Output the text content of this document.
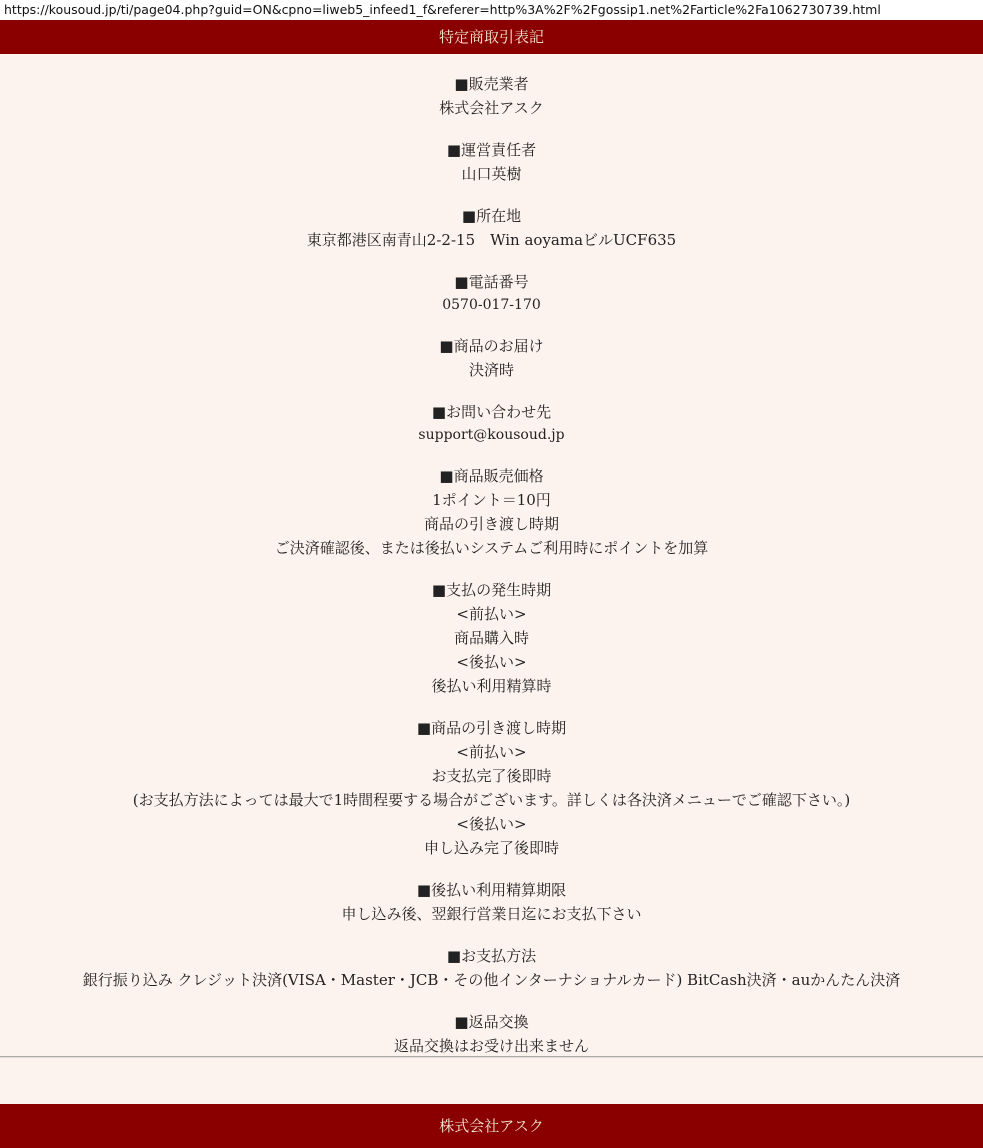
https://kousoud.jp/ti/page04.php?guid=ON&cpno=liweb5_infeed1_f&referer=http%3A%2F%2Fgossip1.net%2Farticle%2Fa1062730739.html
特定商取引表記
■販売業者
株式会社アスク
■運営責任者
山口英樹
■所在地
東京都港区南青山2-2-15　Win aoyamaビルUCF635
■電話番号
0570-017-170
■商品のお届け
決済時
■お問い合わせ先
support@kousoud.jp
■商品販売価格
1ポイント＝10円
商品の引き渡し時期
ご決済確認後、または後払いシステムご利用時にポイントを加算
■支払の発生時期
<前払い>
商品購入時
<後払い>
後払い利用精算時
■商品の引き渡し時期
<前払い>
お支払完了後即時
(お支払方法によっては最大で1時間程要する場合がございます。詳しくは各決済メニューでご確認下さい。)
<後払い>
申し込み完了後即時
■後払い利用精算期限
申し込み後、翌銀行営業日迄にお支払下さい
■お支払方法
銀行振り込み クレジット決済(VISA・Master・JCB・その他インターナショナルカード) BitCash決済・auかんたん決済
■返品交換
返品交換はお受け出来ません
株式会社アスク
